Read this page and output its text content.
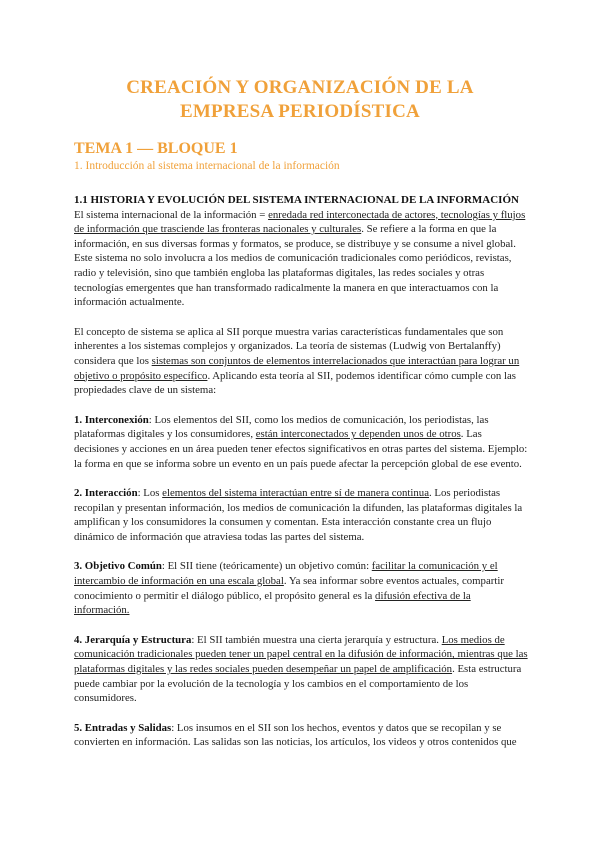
CREACIÓN Y ORGANIZACIÓN DE LA
EMPRESA PERIODÍSTICA
TEMA 1 — BLOQUE 1
1. Introducción al sistema internacional de la información
1.1 HISTORIA Y EVOLUCIÓN DEL SISTEMA INTERNACIONAL DE LA INFORMACIÓN

El sistema internacional de la información = enredada red interconectada de actores, tecnologías y flujos de información que trasciende las fronteras nacionales y culturales. Se refiere a la forma en que la información, en sus diversas formas y formatos, se produce, se distribuye y se consume a nivel global. Este sistema no solo involucra a los medios de comunicación tradicionales como periódicos, revistas, radio y televisión, sino que también engloba las plataformas digitales, las redes sociales y otras tecnologías emergentes que han transformado radicalmente la manera en que interactuamos con la información actualmente.

El concepto de sistema se aplica al SII porque muestra varias características fundamentales que son inherentes a los sistemas complejos y organizados. La teoría de sistemas (Ludwig von Bertalanffy) considera que los sistemas son conjuntos de elementos interrelacionados que interactúan para lograr un objetivo o propósito específico. Aplicando esta teoría al SII, podemos identificar cómo cumple con las propiedades clave de un sistema:

1. Interconexión: Los elementos del SII, como los medios de comunicación, los periodistas, las plataformas digitales y los consumidores, están interconectados y dependen unos de otros. Las decisiones y acciones en un área pueden tener efectos significativos en otras partes del sistema. Ejemplo: la forma en que se informa sobre un evento en un país puede afectar la percepción global de ese evento.

2. Interacción: Los elementos del sistema interactúan entre sí de manera continua. Los periodistas recopilan y presentan información, los medios de comunicación la difunden, las plataformas digitales la amplifican y los consumidores la consumen y comentan. Esta interacción constante crea un flujo dinámico de información que atraviesa todas las partes del sistema.

3. Objetivo Común: El SII tiene (teóricamente) un objetivo común: facilitar la comunicación y el intercambio de información en una escala global. Ya sea informar sobre eventos actuales, compartir conocimiento o permitir el diálogo público, el propósito general es la difusión efectiva de la información.

4. Jerarquía y Estructura: El SII también muestra una cierta jerarquía y estructura. Los medios de comunicación tradicionales pueden tener un papel central en la difusión de información, mientras que las plataformas digitales y las redes sociales pueden desempeñar un papel de amplificación. Esta estructura puede cambiar por la evolución de la tecnología y los cambios en el comportamiento de los consumidores.

5. Entradas y Salidas: Los insumos en el SII son los hechos, eventos y datos que se recopilan y se convierten en información. Las salidas son las noticias, los artículos, los videos y otros contenidos que
